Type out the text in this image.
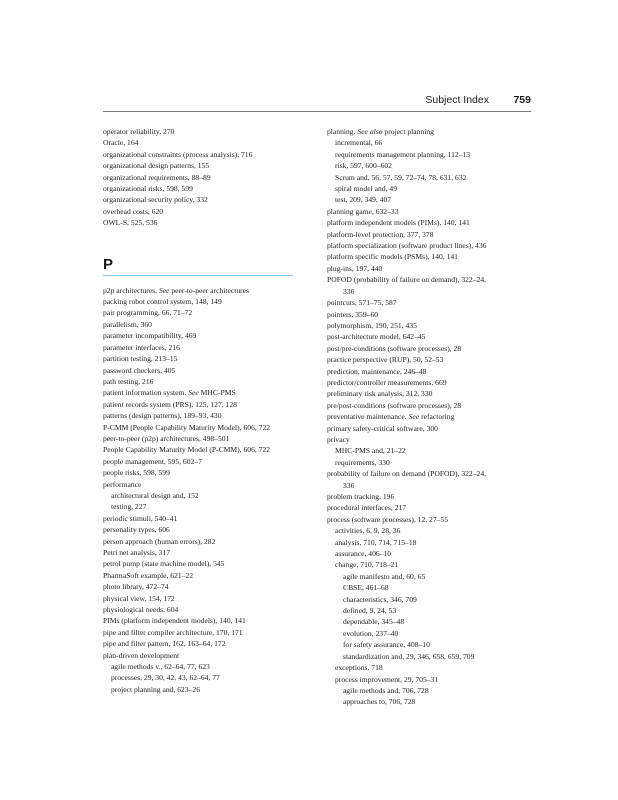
Subject Index 759
operator reliability, 270
Oracle, 164
organizational constraints (process analysis), 716
organizational design patterns, 155
organizational requirements, 88–89
organizational risks, 598, 599
organizational security policy, 332
overhead costs, 620
OWL-S, 525, 536
P
p2p architectures. See peer-to-peer architectures
packing robot control system, 148, 149
pair programming, 66, 71–72
parallelism, 360
parameter incompatibility, 469
parameter interfaces, 216
partition testing, 213–15
password checkers, 405
path testing, 216
patient information system. See MHC-PMS
patient records system (PRS), 125, 127, 128
patterns (design patterns), 189–93, 430
P-CMM (People Capability Maturity Model), 606, 722
peer-to-peer (p2p) architectures, 498–501
People Capability Maturity Model (P-CMM), 606, 722
people management, 595, 602–7
people risks, 598, 599
performance
architectural design and, 152
testing, 227
periodic stimuli, 540–41
personality types, 606
person approach (human errors), 282
Petri net analysis, 317
petrol pump (state machine model), 545
PharmaSoft example, 621–22
photo library, 472–74
physical view, 154, 172
physiological needs, 604
PIMs (platform independent models), 140, 141
pipe and filter compiler architecture, 170, 171
pipe and filter pattern, 162, 163–64, 172
plan-driven development
agile methods v., 62–64, 77, 623
processes, 29, 30, 42, 43, 62–64, 77
project planning and, 623–26
planning. See also project planning
incremental, 66
requirements management planning, 112–13
risk, 597, 600–602
Scrum and, 56, 57, 59, 72–74, 78, 631, 632
spiral model and, 49
test, 209, 349, 407
planning game, 632–33
platform independent models (PIMs), 140, 141
platform-level protection, 377, 378
platform specialization (software product lines), 436
platform specific models (PSMs), 140, 141
plug-ins, 197, 440
POFOD (probability of failure on demand), 322–24,
336
pointcuts, 571–75, 587
pointers, 359–60
polymorphism, 190, 251, 435
post-architecture model, 642–45
post/pre-conditions (software processes), 28
practice perspective (RUP), 50, 52–53
prediction, maintenance, 246–48
predictor/controller measurements, 669
preliminary risk analysis, 312, 330
pre/post-conditions (software processes), 28
preventative maintenance. See refactoring
primary safety-critical software, 300
privacy
MHC-PMS and, 21–22
requirements, 330
probability of failure on demand (POFOD), 322–24,
336
problem tracking, 196
procedural interfaces, 217
process (software processes), 12, 27–55
activities, 6, 9, 28, 36
analysis, 710, 714, 715–18
assurance, 406–10
change, 710, 718–21
agile manifesto and, 60, 65
CBSE, 461–68
characteristics, 346, 709
defined, 9, 24, 53
dependable, 345–48
evolution, 237–40
for safety assurance, 408–10
standardization and, 29, 346, 658, 659, 709
exceptions, 718
process improvement, 29, 705–31
agile methods and, 706, 728
approaches to, 706, 728
